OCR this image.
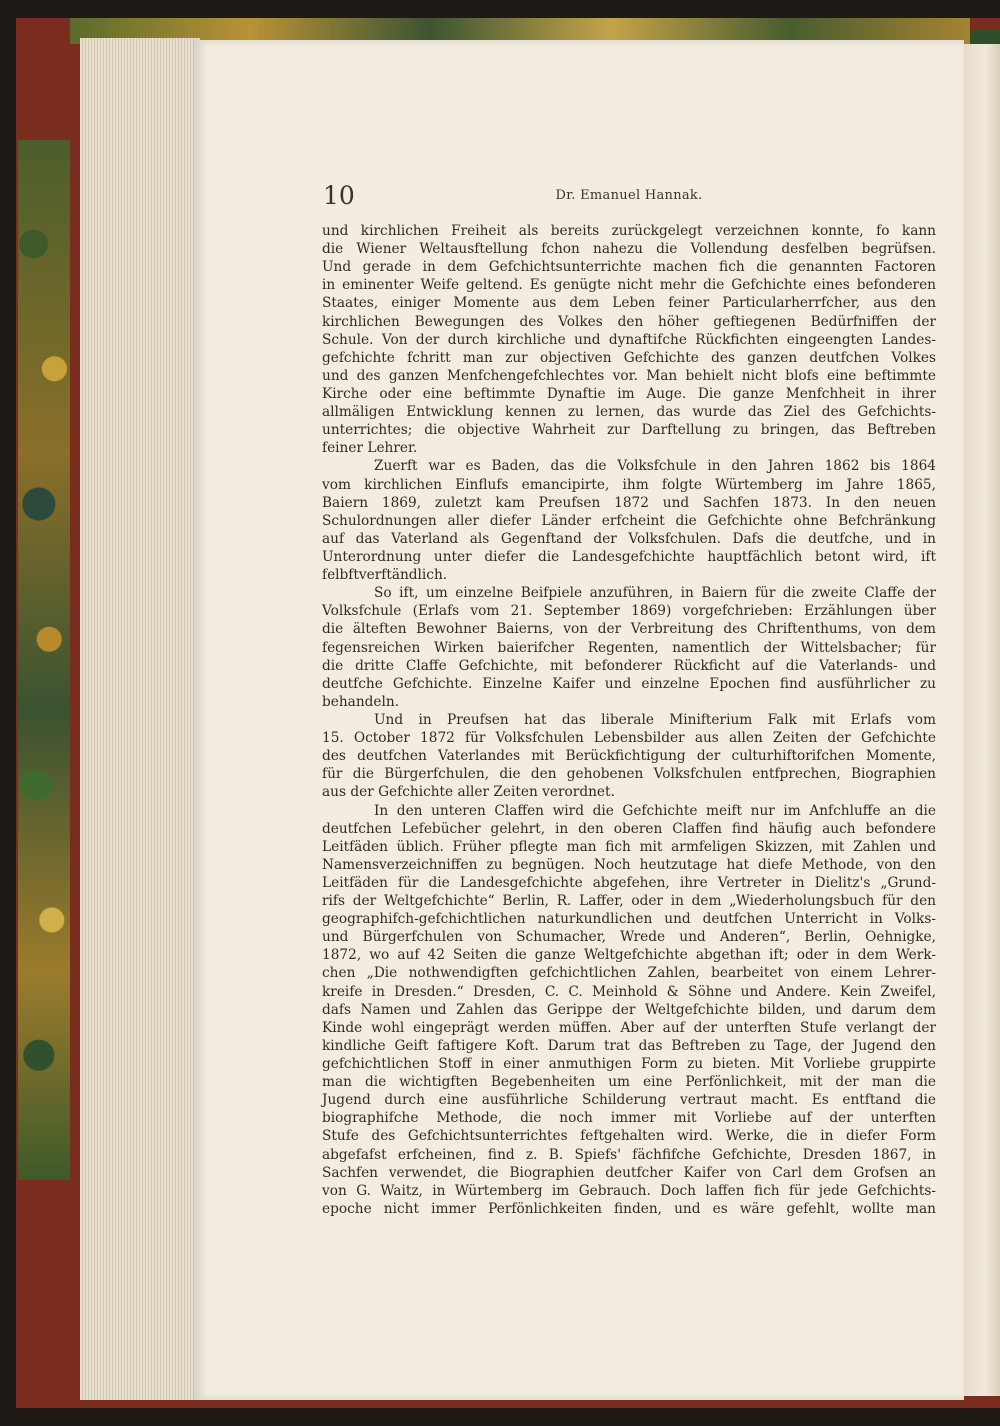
10	Dr. Emanuel Hannak.
und kirchlichen Freiheit als bereits zurückgelegt verzeichnen konnte, fo kann
die Wiener Weltausftellung fchon nahezu die Vollendung desfelben begrüfsen.
Und gerade in dem Gefchichtsunterrichte machen fich die genannten Factoren
in eminenter Weife geltend. Es genügte nicht mehr die Gefchichte eines befonderen
Staates, einiger Momente aus dem Leben feiner Particularherrfcher, aus den
kirchlichen Bewegungen des Volkes den höher geftiegenen Bedürfniffen der
Schule. Von der durch kirchliche und dynaftifche Rückfichten eingeengten Landes-
gefchichte fchritt man zur objectiven Gefchichte des ganzen deutfchen Volkes
und des ganzen Menfchengefchlechtes vor. Man behielt nicht blofs eine beftimmte
Kirche oder eine beftimmte Dynaftie im Auge. Die ganze Menfchheit in ihrer
allmäligen Entwicklung kennen zu lernen, das wurde das Ziel des Gefchichts-
unterrichtes; die objective Wahrheit zur Darftellung zu bringen, das Beftreben
feiner Lehrer.
Zuerft war es Baden, das die Volksfchule in den Jahren 1862 bis 1864
vom kirchlichen Einflufs emancipirte, ihm folgte Würtemberg im Jahre 1865,
Baiern 1869, zuletzt kam Preufsen 1872 und Sachfen 1873. In den neuen
Schulordnungen aller diefer Länder erfcheint die Gefchichte ohne Befchränkung
auf das Vaterland als Gegenftand der Volksfchulen. Dafs die deutfche, und in
Unterordnung unter diefer die Landesgefchichte hauptfächlich betont wird, ift
felbftverftändlich.
So ift, um einzelne Beifpiele anzuführen, in Baiern für die zweite Claffe der
Volksfchule (Erlafs vom 21. September 1869) vorgefchrieben: Erzählungen über
die älteften Bewohner Baierns, von der Verbreitung des Chriftenthums, von dem
fegensreichen Wirken baierifcher Regenten, namentlich der Wittelsbacher; für
die dritte Claffe Gefchichte, mit befonderer Rückficht auf die Vaterlands- und
deutfche Gefchichte. Einzelne Kaifer und einzelne Epochen find ausführlicher zu
behandeln.
Und in Preufsen hat das liberale Minifterium Falk mit Erlafs vom
15. October 1872 für Volksfchulen Lebensbilder aus allen Zeiten der Gefchichte
des deutfchen Vaterlandes mit Berückfichtigung der culturhiftorifchen Momente,
für die Bürgerfchulen, die den gehobenen Volksfchulen entfprechen, Biographien
aus der Gefchichte aller Zeiten verordnet.
In den unteren Claffen wird die Gefchichte meift nur im Anfchluffe an die
deutfchen Lefebücher gelehrt, in den oberen Claffen find häufig auch befondere
Leitfäden üblich. Früher pflegte man fich mit armfeligen Skizzen, mit Zahlen und
Namensverzeichniffen zu begnügen. Noch heutzutage hat diefe Methode, von den
Leitfäden für die Landesgefchichte abgefehen, ihre Vertreter in Dielitz's „Grund-
rifs der Weltgefchichte“ Berlin, R. Laffer, oder in dem „Wiederholungsbuch für den
geographifch-gefchichtlichen naturkundlichen und deutfchen Unterricht in Volks-
und Bürgerfchulen von Schumacher, Wrede und Anderen“, Berlin, Oehnigke,
1872, wo auf 42 Seiten die ganze Weltgefchichte abgethan ift; oder in dem Werk-
chen „Die nothwendigften gefchichtlichen Zahlen, bearbeitet von einem Lehrer-
kreife in Dresden.“ Dresden, C. C. Meinhold & Söhne und Andere. Kein Zweifel,
dafs Namen und Zahlen das Gerippe der Weltgefchichte bilden, und darum dem
Kinde wohl eingeprägt werden müffen. Aber auf der unterften Stufe verlangt der
kindliche Geift faftigere Koft. Darum trat das Beftreben zu Tage, der Jugend den
gefchichtlichen Stoff in einer anmuthigen Form zu bieten. Mit Vorliebe gruppirte
man die wichtigften Begebenheiten um eine Perfönlichkeit, mit der man die
Jugend durch eine ausführliche Schilderung vertraut macht. Es entftand die
biographifche Methode, die noch immer mit Vorliebe auf der unterften
Stufe des Gefchichtsunterrichtes feftgehalten wird. Werke, die in diefer Form
abgefafst erfcheinen, find z. B. Spiefs' fächfifche Gefchichte, Dresden 1867, in
Sachfen verwendet, die Biographien deutfcher Kaifer von Carl dem Grofsen an
von G. Waitz, in Würtemberg im Gebrauch. Doch laffen fich für jede Gefchichts-
epoche nicht immer Perfönlichkeiten finden, und es wäre gefehlt, wollte man
